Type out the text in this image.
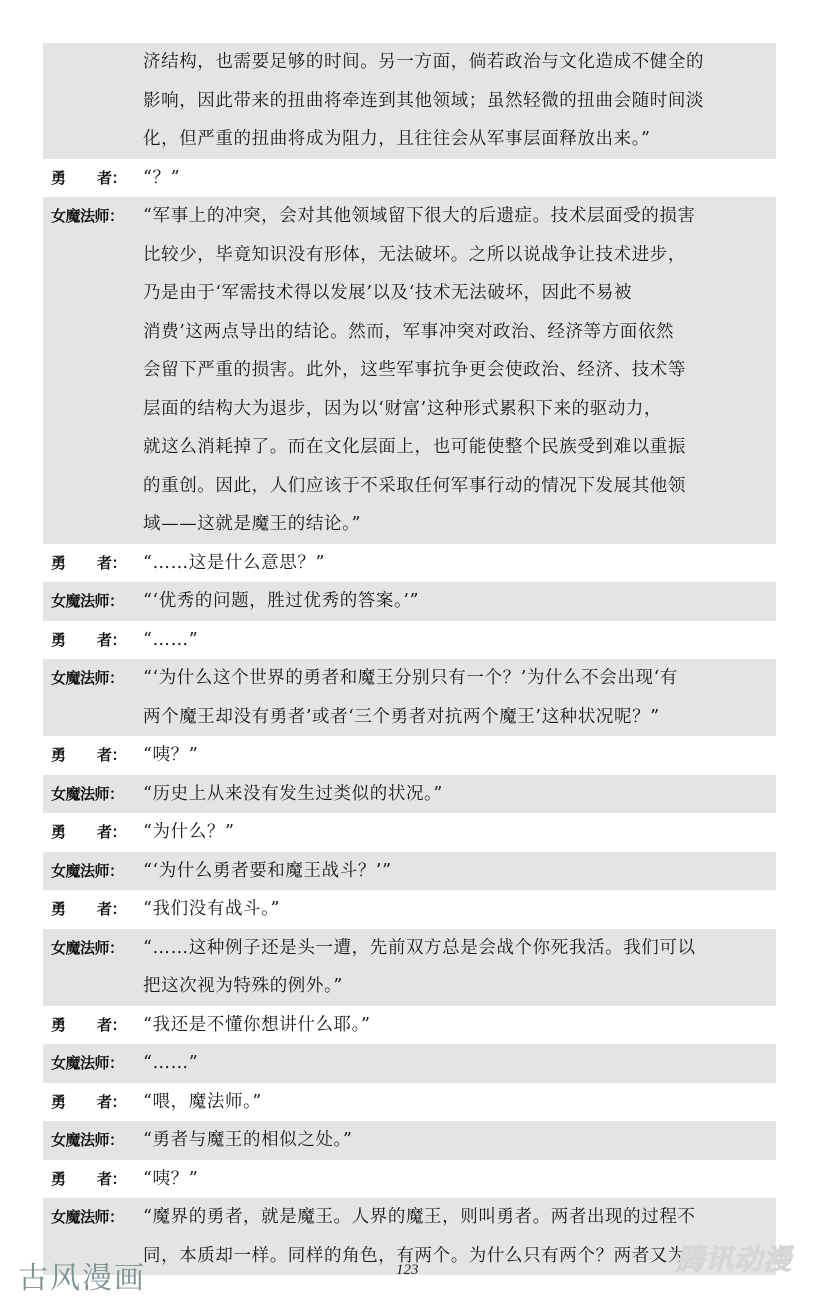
济结构，也需要足够的时间。另一方面，倘若政治与文化造成不健全的
影响，因此带来的扭曲将牵连到其他领域；虽然轻微的扭曲会随时间淡
化，但严重的扭曲将成为阻力，且往往会从军事层面释放出来。”
勇 者： “？”
女魔法师：	“军事上的冲突，会对其他领域留下很大的后遗症。技术层面受的损害
比较少，毕竟知识没有形体，无法破坏。之所以说战争让技术进步，
乃是由于‘军需技术得以发展’以及‘技术无法破坏，因此不易被
消费’这两点导出的结论。然而，军事冲突对政治、经济等方面依然
会留下严重的损害。此外，这些军事抗争更会使政治、经济、技术等
层面的结构大为退步，因为以‘财富’这种形式累积下来的驱动力，
就这么消耗掉了。而在文化层面上，也可能使整个民族受到难以重振
的重创。因此，人们应该于不采取任何军事行动的情况下发展其他领
域——这就是魔王的结论。”
勇 者： “……这是什么意思？”
女魔法师：	“‘优秀的问题，胜过优秀的答案。’”
勇 者： “……”
女魔法师：	“‘为什么这个世界的勇者和魔王分别只有一个？’为什么不会出现‘有
两个魔王却没有勇者’或者‘三个勇者对抗两个魔王’这种状况呢？”
勇 者： “咦？”
女魔法师：	“历史上从来没有发生过类似的状况。”
勇 者： “为什么？”
女魔法师：	“‘为什么勇者要和魔王战斗？’”
勇 者： “我们没有战斗。”
女魔法师：	“……这种例子还是头一遭，先前双方总是会战个你死我活。我们可以
把这次视为特殊的例外。”
勇 者： “我还是不懂你想讲什么耶。”
女魔法师：	“……”
勇 者： “喂，魔法师。”
女魔法师：	“勇者与魔王的相似之处。”
勇 者： “咦？”
女魔法师：	“魔界的勇者，就是魔王。人界的魔王，则叫勇者。两者出现的过程不
同，本质却一样。同样的角色，有两个。为什么只有两个？两者又为
古风漫画	123	腾讯动漫
